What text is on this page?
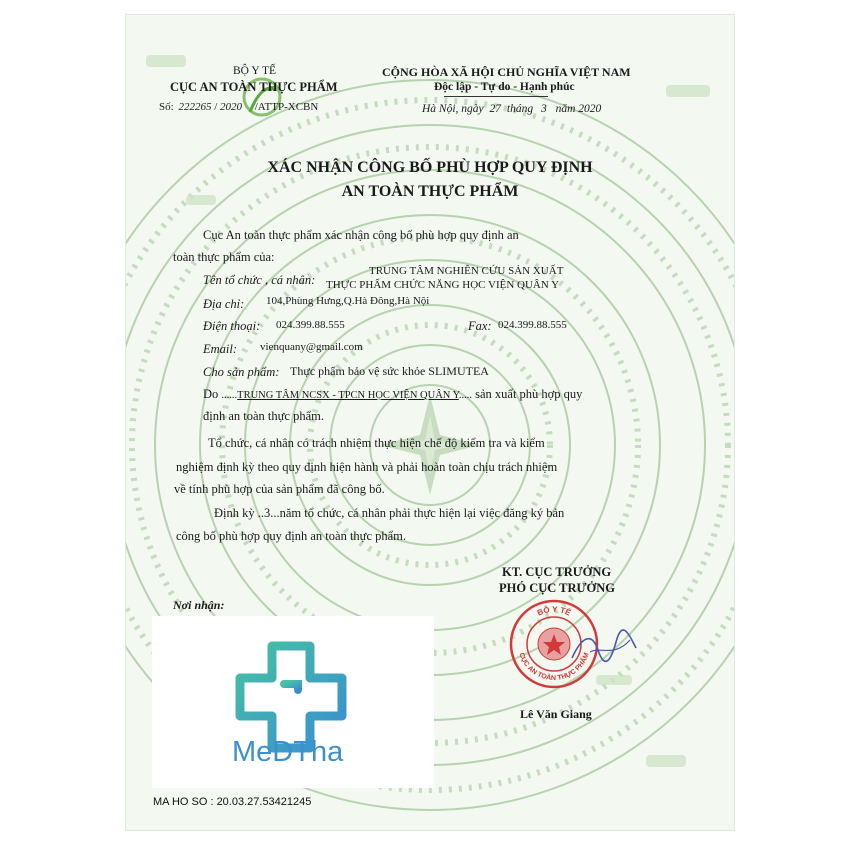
BỘ Y TẾ
CỤC AN TOÀN THỰC PHẨM
Số: 222265 / 2020 /ATTP-XCBN
CỘNG HÒA XÃ HỘI CHỦ NGHĨA VIỆT NAM
Độc lập - Tự do - Hạnh phúc
Hà Nội, ngày 27 tháng 3 năm 2020
XÁC NHẬN CÔNG BỐ PHÙ HỢP QUY ĐỊNH
AN TOÀN THỰC PHẨM
Cục An toàn thực phẩm xác nhận công bố phù hợp quy định an
toàn thực phẩm của:
Tên tổ chức , cá nhân:
TRUNG TÂM NGHIÊN CỨU SẢN XUẤT
THỰC PHẨM CHỨC NĂNG HỌC VIỆN QUÂN Y
Địa chỉ: 104,Phùng Hưng,Q.Hà Đông,Hà Nội
Điện thoại: 024.399.88.555	Fax: 024.399.88.555
Email: vienquany@gmail.com
Cho sản phẩm: Thực phẩm bảo vệ sức khỏe SLIMUTEA
Do ......TRUNG TÂM NCSX - TPCN HỌC VIỆN QUÂN Y..... sản xuất phù hợp quy
định an toàn thực phẩm.
Tổ chức, cá nhân có trách nhiệm thực hiện chế độ kiểm tra và kiểm
nghiệm định kỳ theo quy định hiện hành và phải hoàn toàn chịu trách nhiệm
về tính phù hợp của sản phẩm đã công bố.
Định kỳ ..3...năm tổ chức, cá nhân phải thực hiện lại việc đăng ký bản
công bố phù hợp quy định an toàn thực phẩm.
KT. CỤC TRƯỞNG
PHÓ CỤC TRƯỞNG
Lê Văn Giang
Nơi nhận:
BỘ Y TẾ
CỤC AN TOÀN THỰC PHẨM
MeDTha
MA HO SO : 20.03.27.53421245
